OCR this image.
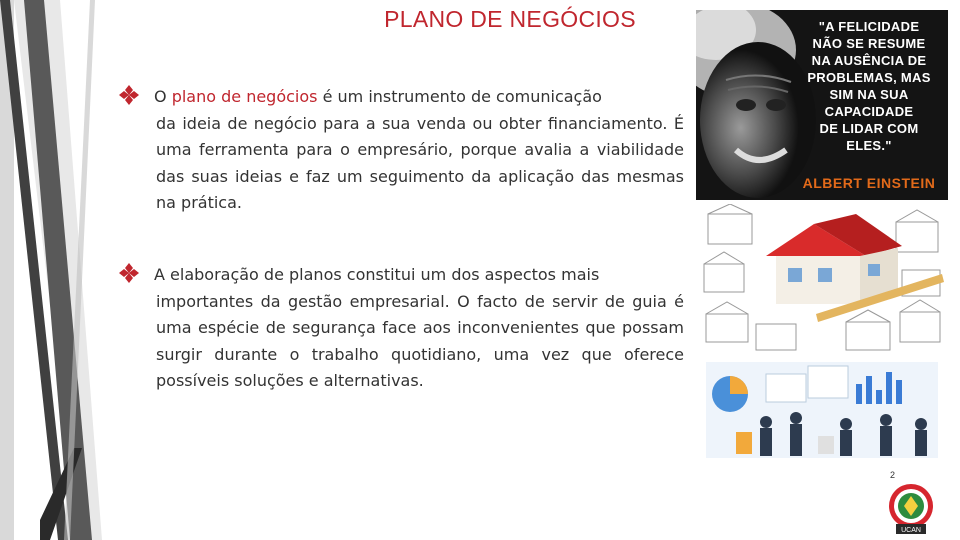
PLANO DE NEGÓCIOS
O plano de negócios é um instrumento de comunicação
da ideia de negócio para a sua venda ou obter financiamento. É uma ferramenta para o empresário, porque avalia a viabilidade das suas ideias e faz um seguimento da aplicação das mesmas na prática.
A elaboração de planos constitui um dos aspectos mais
importantes da gestão empresarial. O facto de servir de guia é uma espécie de segurança face aos inconvenientes que possam surgir durante o trabalho quotidiano, uma vez que oferece possíveis soluções e alternativas.
"A FELICIDADE
NÃO SE RESUME
NA AUSÊNCIA DE
PROBLEMAS, MAS
SIM NA SUA
CAPACIDADE
DE LIDAR COM
ELES."
ALBERT EINSTEIN
2
UCAN
